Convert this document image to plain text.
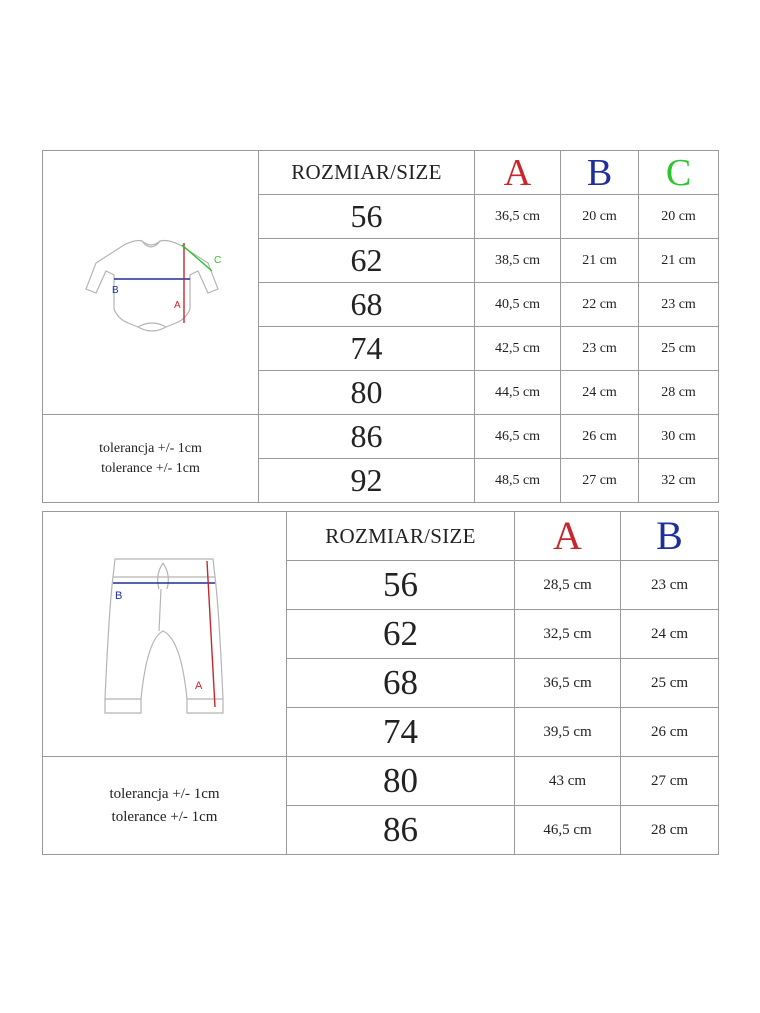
B
A
C	ROZMIAR/SIZE	A	B	C
	56	36,5 cm	20 cm	20 cm
	62	38,5 cm	21 cm	21 cm
	68	40,5 cm	22 cm	23 cm
	74	42,5 cm	23 cm	25 cm
	80	44,5 cm	24 cm	28 cm

tolerancja +/- 1cm
tolerance +/- 1cm	86	46,5 cm	26 cm	30 cm
	92	48,5 cm	27 cm	32 cm
B
A	ROZMIAR/SIZE	A	B
	56	28,5 cm	23 cm
	62	32,5 cm	24 cm
	68	36,5 cm	25 cm
	74	39,5 cm	26 cm

tolerancja +/- 1cm
tolerance +/- 1cm	80	43 cm	27 cm
	86	46,5 cm	28 cm
